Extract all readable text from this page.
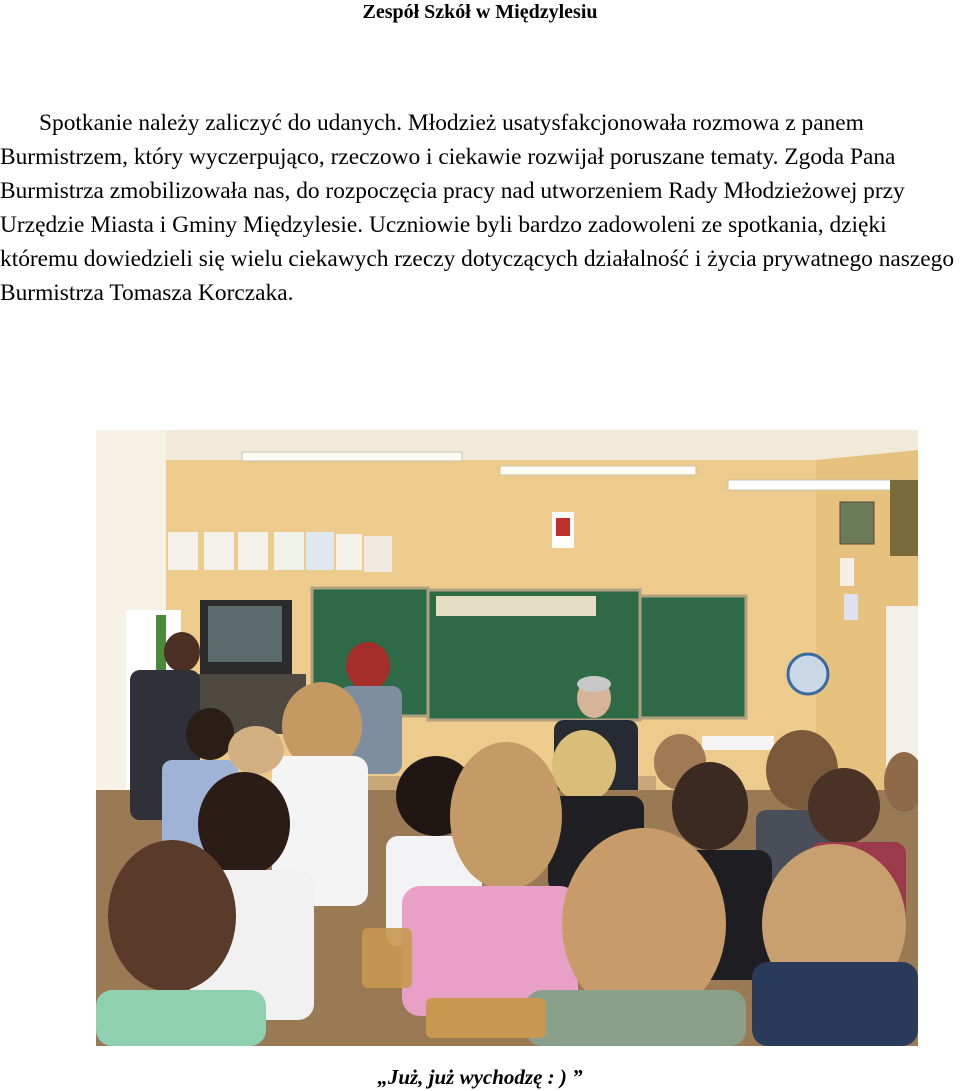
Zespół Szkół w Międzylesiu

Spotkanie należy zaliczyć do udanych. Młodzież usatysfakcjonowała rozmowa z panem Burmistrzem, który wyczerpująco, rzeczowo i ciekawie rozwijał poruszane tematy. Zgoda Pana Burmistrza zmobilizowała nas, do rozpoczęcia pracy nad utworzeniem Rady Młodzieżowej przy Urzędzie Miasta i Gminy Międzylesie. Uczniowie byli bardzo zadowoleni ze spotkania, dzięki któremu dowiedzieli się wielu ciekawych rzeczy dotyczących działalność i życia prywatnego naszego Burmistrza Tomasza Korczaka.

„Już, już wychodzę : ) ”
